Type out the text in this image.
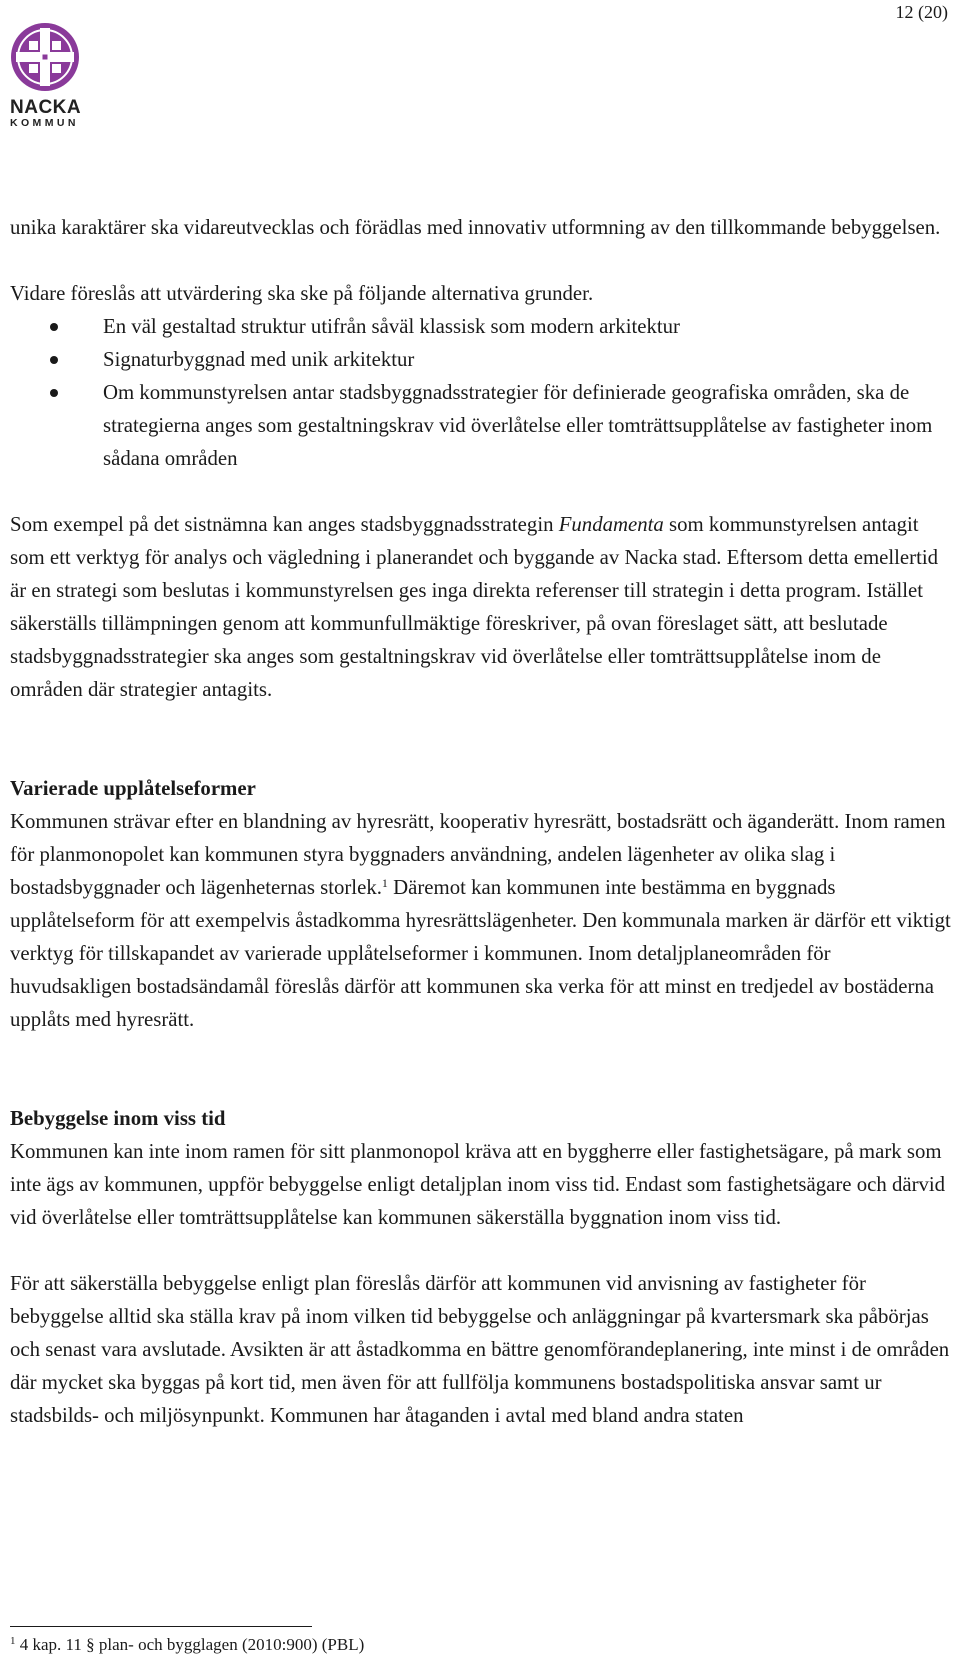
12 (20)
NACKA
KOMMUN

unika karaktärer ska vidareutvecklas och förädlas med innovativ utformning av den tillkommande bebyggelsen.

Vidare föreslås att utvärdering ska ske på följande alternativa grunder.

En väl gestaltad struktur utifrån såväl klassisk som modern arkitektur
Signaturbyggnad med unik arkitektur
Om kommunstyrelsen antar stadsbyggnadsstrategier för definierade geografiska områden, ska de strategierna anges som gestaltningskrav vid överlåtelse eller tomträttsupplåtelse av fastigheter inom sådana områden

Som exempel på det sistnämna kan anges stadsbyggnadsstrategin Fundamenta som kommunstyrelsen antagit som ett verktyg för analys och vägledning i planerandet och byggande av Nacka stad. Eftersom detta emellertid är en strategi som beslutas i kommunstyrelsen ges inga direkta referenser till strategin i detta program. Istället säkerställs tillämpningen genom att kommunfullmäktige föreskriver, på ovan föreslaget sätt, att beslutade stadsbyggnadsstrategier ska anges som gestaltningskrav vid överlåtelse eller tomträttsupplåtelse inom de områden där strategier antagits.

Varierade upplåtelseformer

Kommunen strävar efter en blandning av hyresrätt, kooperativ hyresrätt, bostadsrätt och äganderätt. Inom ramen för planmonopolet kan kommunen styra byggnaders användning, andelen lägenheter av olika slag i bostadsbyggnader och lägenheternas storlek.$^1$ Däremot kan kommunen inte bestämma en byggnads upplåtelseform för att exempelvis åstadkomma hyresrättslägenheter. Den kommunala marken är därför ett viktigt verktyg för tillskapandet av varierade upplåtelseformer i kommunen. Inom detaljplaneområden för huvudsakligen bostadsändamål föreslås därför att kommunen ska verka för att minst en tredjedel av bostäderna upplåts med hyresrätt.

Bebyggelse inom viss tid

Kommunen kan inte inom ramen för sitt planmonopol kräva att en byggherre eller fastighetsägare, på mark som inte ägs av kommunen, uppför bebyggelse enligt detaljplan inom viss tid. Endast som fastighetsägare och därvid vid överlåtelse eller tomträttsupplåtelse kan kommunen säkerställa byggnation inom viss tid.

För att säkerställa bebyggelse enligt plan föreslås därför att kommunen vid anvisning av fastigheter för bebyggelse alltid ska ställa krav på inom vilken tid bebyggelse och anläggningar på kvartersmark ska påbörjas och senast vara avslutade. Avsikten är att åstadkomma en bättre genomförandeplanering, inte minst i de områden där mycket ska byggas på kort tid, men även för att fullfölja kommunens bostadspolitiska ansvar samt ur stadsbilds- och miljösynpunkt. Kommunen har åtaganden i avtal med bland andra staten

$^1$ 4 kap. 11 § plan- och bygglagen (2010:900) (PBL)
